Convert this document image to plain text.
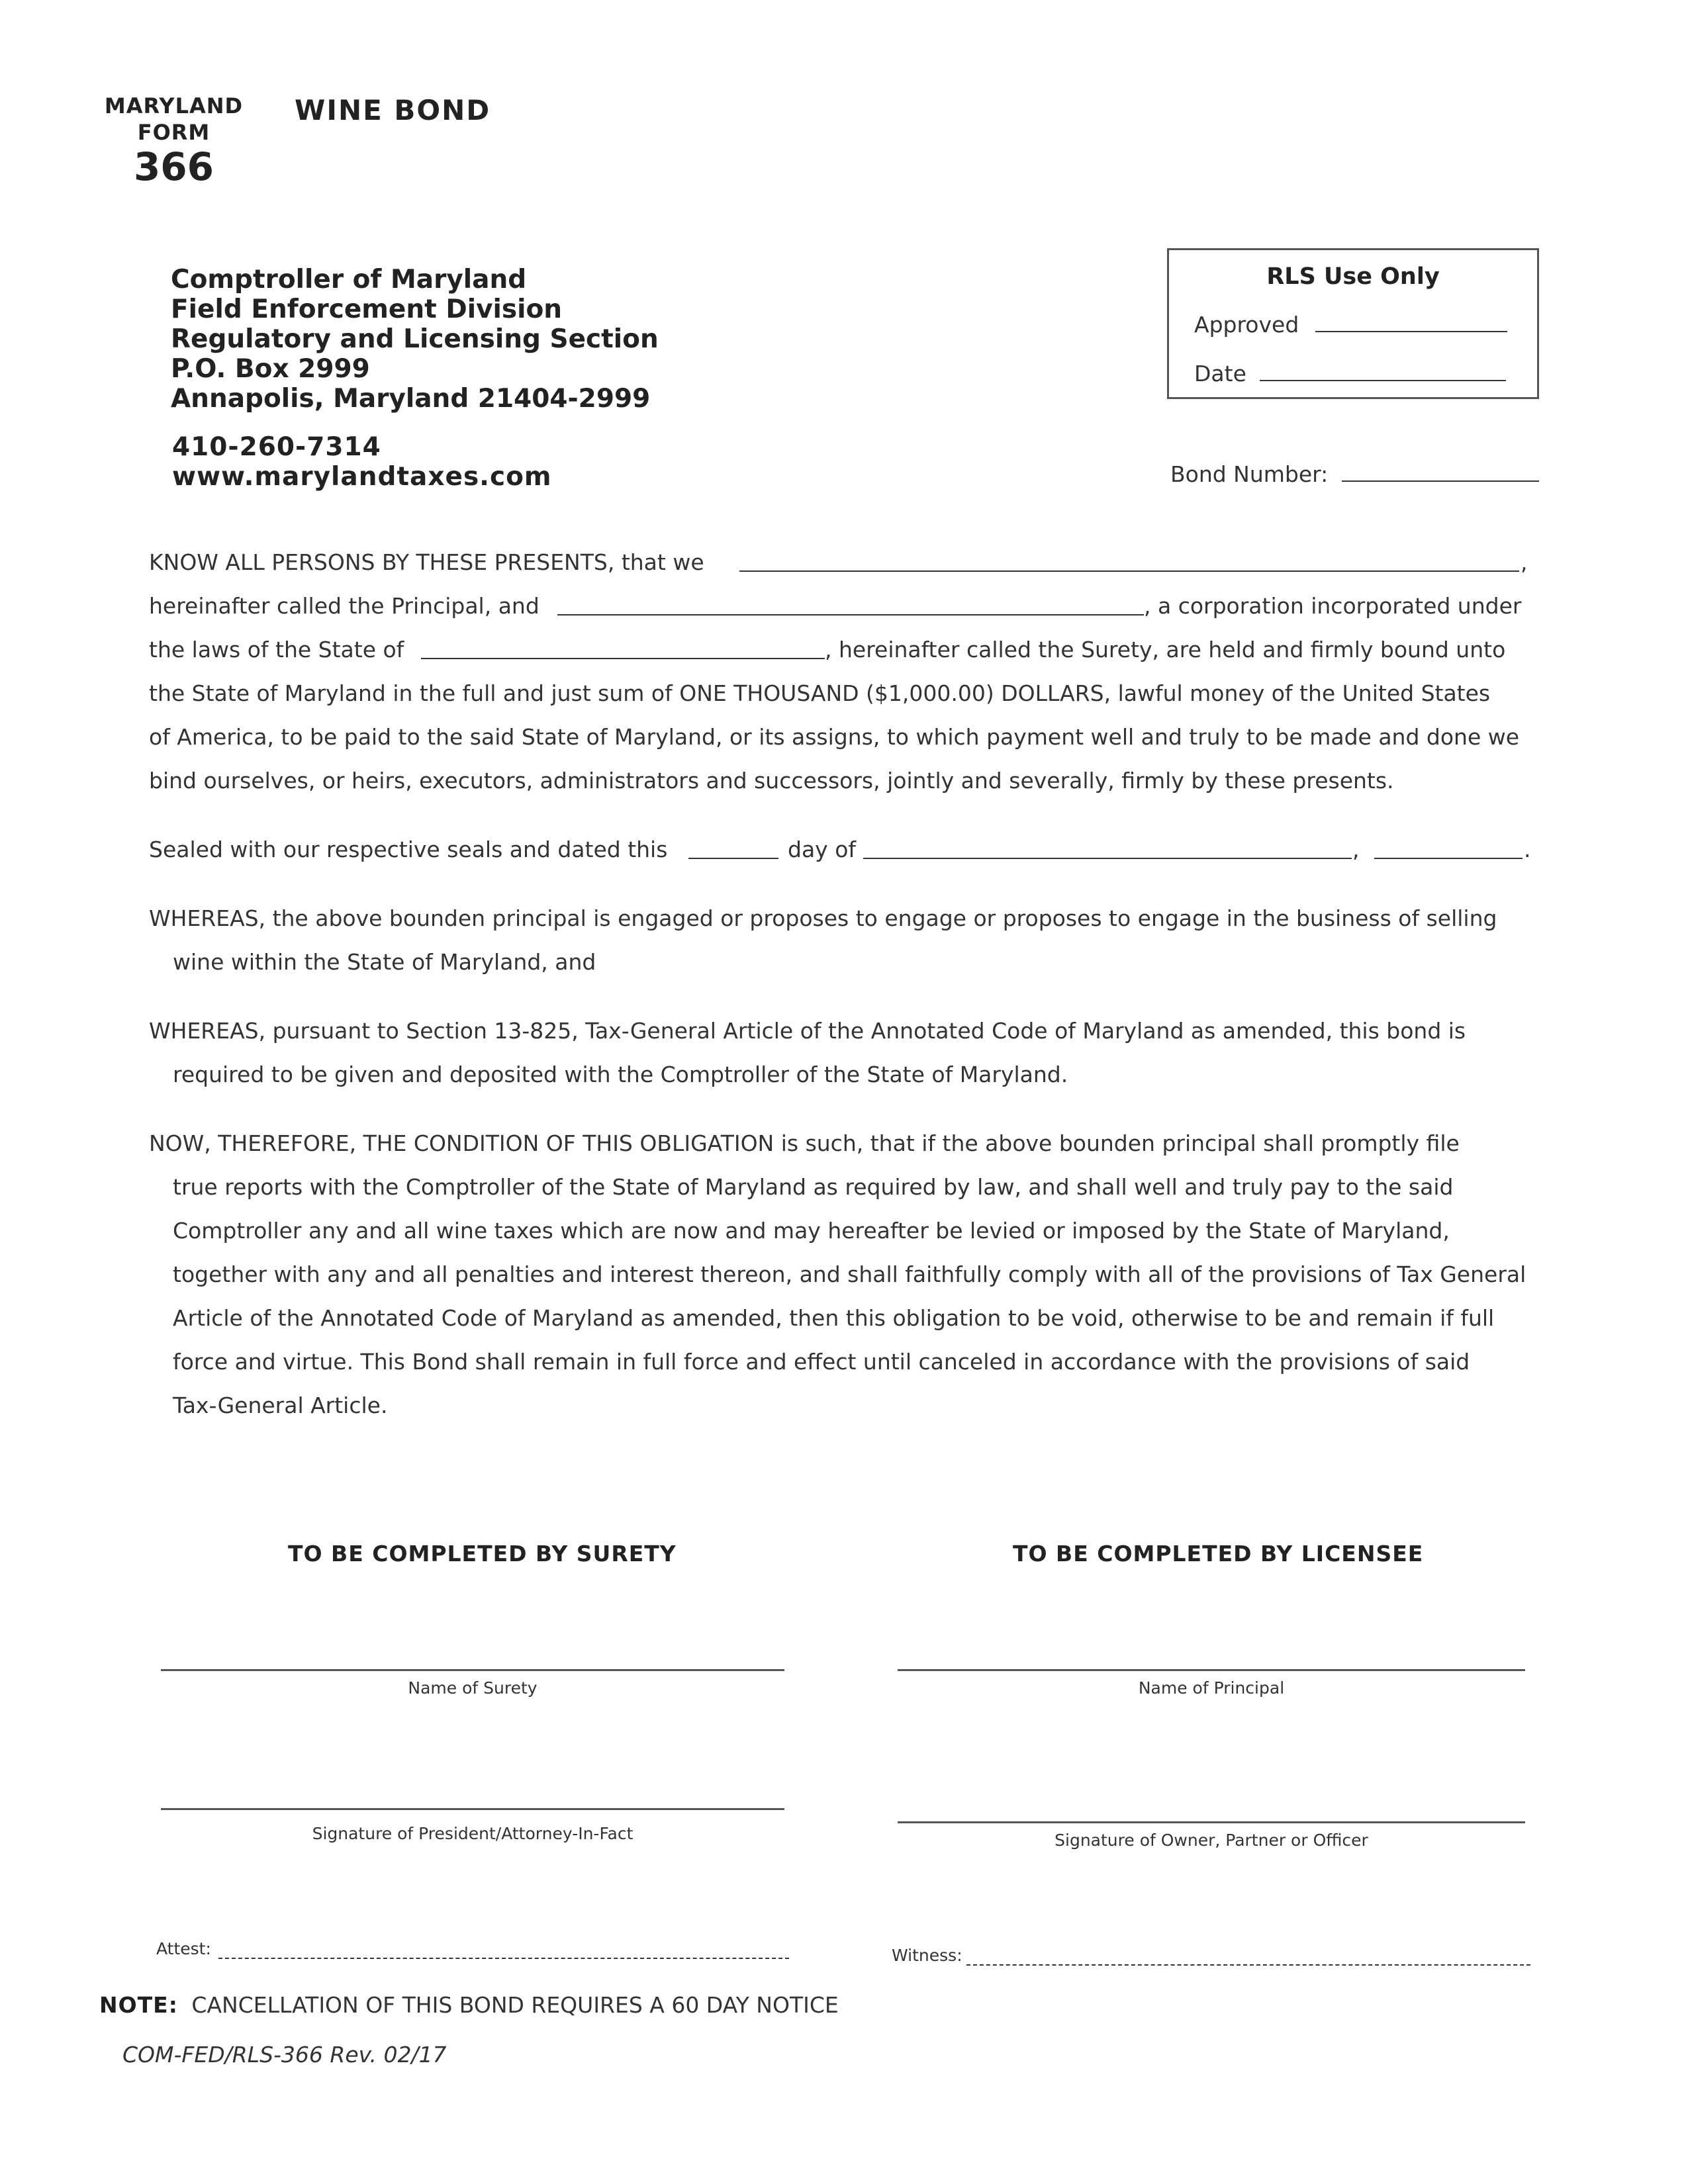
MARYLAND
FORM
366
WINE BOND
Comptroller of Maryland
Field Enforcement Division
Regulatory and Licensing Section
P.O. Box 2999
Annapolis, Maryland 21404-2999
410-260-7314
www.marylandtaxes.com
RLS Use Only
Approved
Date
Bond Number:
KNOW ALL PERSONS BY THESE PRESENTS, that we	,
hereinafter called the Principal, and	, a corporation incorporated under
the laws of the State of	, hereinafter called the Surety, are held and firmly bound unto
the State of Maryland in the full and just sum of ONE THOUSAND ($1,000.00) DOLLARS, lawful money of the United States
of America, to be paid to the said State of Maryland, or its assigns, to which payment well and truly to be made and done we
bind ourselves, or heirs, executors, administrators and successors, jointly and severally, firmly by these presents.
Sealed with our respective seals and dated this	day of	,	.
WHEREAS, the above bounden principal is engaged or proposes to engage or proposes to engage in the business of selling
wine within the State of Maryland, and
WHEREAS, pursuant to Section 13-825, Tax-General Article of the Annotated Code of Maryland as amended, this bond is
required to be given and deposited with the Comptroller of the State of Maryland.
NOW, THEREFORE, THE CONDITION OF THIS OBLIGATION is such, that if the above bounden principal shall promptly file
true reports with the Comptroller of the State of Maryland as required by law, and shall well and truly pay to the said
Comptroller any and all wine taxes which are now and may hereafter be levied or imposed by the State of Maryland,
together with any and all penalties and interest thereon, and shall faithfully comply with all of the provisions of Tax General
Article of the Annotated Code of Maryland as amended, then this obligation to be void, otherwise to be and remain if full
force and virtue. This Bond shall remain in full force and effect until canceled in accordance with the provisions of said
Tax-General Article.
TO BE COMPLETED BY SURETY
Name of Surety
Signature of President/Attorney-In-Fact
Attest:
TO BE COMPLETED BY LICENSEE
Name of Principal
Signature of Owner, Partner or Officer
Witness:
NOTE: CANCELLATION OF THIS BOND REQUIRES A 60 DAY NOTICE
COM-FED/RLS-366 Rev. 02/17
